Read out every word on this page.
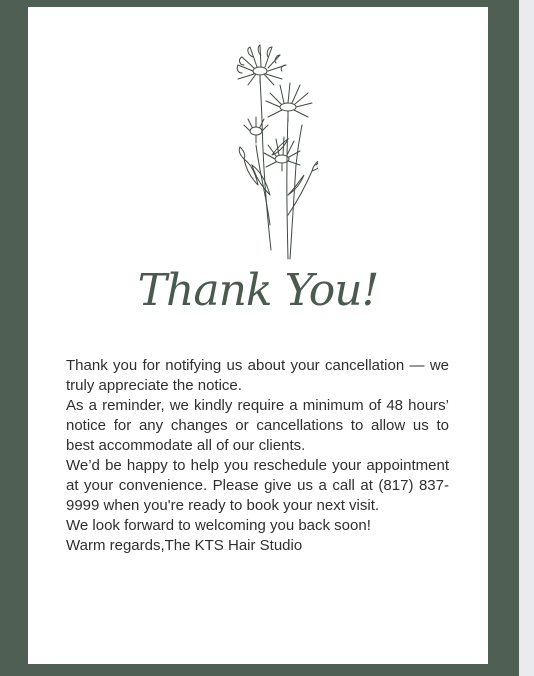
Thank You!

Thank you for notifying us about your cancellation — we truly appreciate the notice.

As a reminder, we kindly require a minimum of 48 hours’ notice for any changes or cancellations to allow us to best accommodate all of our clients.

We’d be happy to help you reschedule your appointment at your convenience. Please give us a call at (817) 837-9999 when you're ready to book your next visit.

We look forward to welcoming you back soon!

Warm regards,The KTS Hair Studio
